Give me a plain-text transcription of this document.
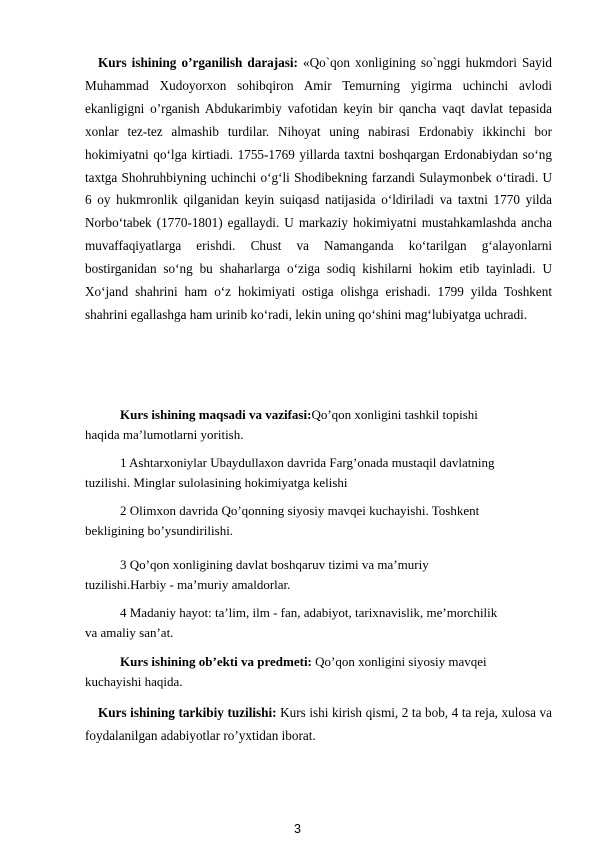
Kurs ishining o’rganilish darajasi: «Qo`qon xonligining so`nggi hukmdori Sayid Muhammad Xudoyorxon sohibqiron Amir Temurning yigirma uchinchi avlodi ekanligigni o’rganish Abdukarimbiy vafotidan keyin bir qancha vaqt davlat tepasida xonlar tez-tez almashib turdilar. Nihoyat uning nabirasi Erdonabiy ikkinchi bor hokimiyatni qo‘lga kirtiadi. 1755-1769 yillarda taxtni boshqargan Erdonabiydan so‘ng taxtga Shohruhbiyning uchinchi o‘g‘li Shodibekning farzandi Sulaymonbek o‘tiradi. U 6 oy hukmronlik qilganidan keyin suiqasd natijasida o‘ldiriladi va taxtni 1770 yilda Norbo‘tabek (1770-1801) egallaydi. U markaziy hokimiyatni mustahkamlashda ancha muvaffaqiyatlarga erishdi. Chust va Namanganda ko‘tarilgan g‘alayonlarni bostirganidan so‘ng bu shaharlarga o‘ziga sodiq kishilarni hokim etib tayinladi. U Xo‘jand shahrini ham o‘z hokimiyati ostiga olishga erishadi. 1799 yilda Toshkent shahrini egallashga ham urinib ko‘radi, lekin uning qo‘shini mag‘lubiyatga uchradi.

Kurs ishining maqsadi va vazifasi:Qo’qon xonligini tashkil topishi
haqida ma’lumotlarni yoritish.
1 Ashtarxoniylar Ubaydullaxon davrida Farg’onada mustaqil davlatning
tuzilishi. Minglar sulolasining hokimiyatga kelishi
2 Olimxon davrida Qo’qonning siyosiy mavqei kuchayishi. Toshkent
bekligining bo’ysundirilishi.
3 Qo’qon xonligining davlat boshqaruv tizimi va ma’muriy
tuzilishi.Harbiy - ma’muriy amaldorlar.
4 Madaniy hayot: ta’lim, ilm - fan, adabiyot, tarixnavislik, me’morchilik
va amaliy san’at.
Kurs ishining ob’ekti va predmeti: Qo’qon xonligini siyosiy mavqei
kuchayishi haqida.

Kurs ishining tarkibiy tuzilishi: Kurs ishi kirish qismi, 2 ta bob, 4 ta reja, xulosa va foydalanilgan adabiyotlar ro’yxtidan iborat.

3
